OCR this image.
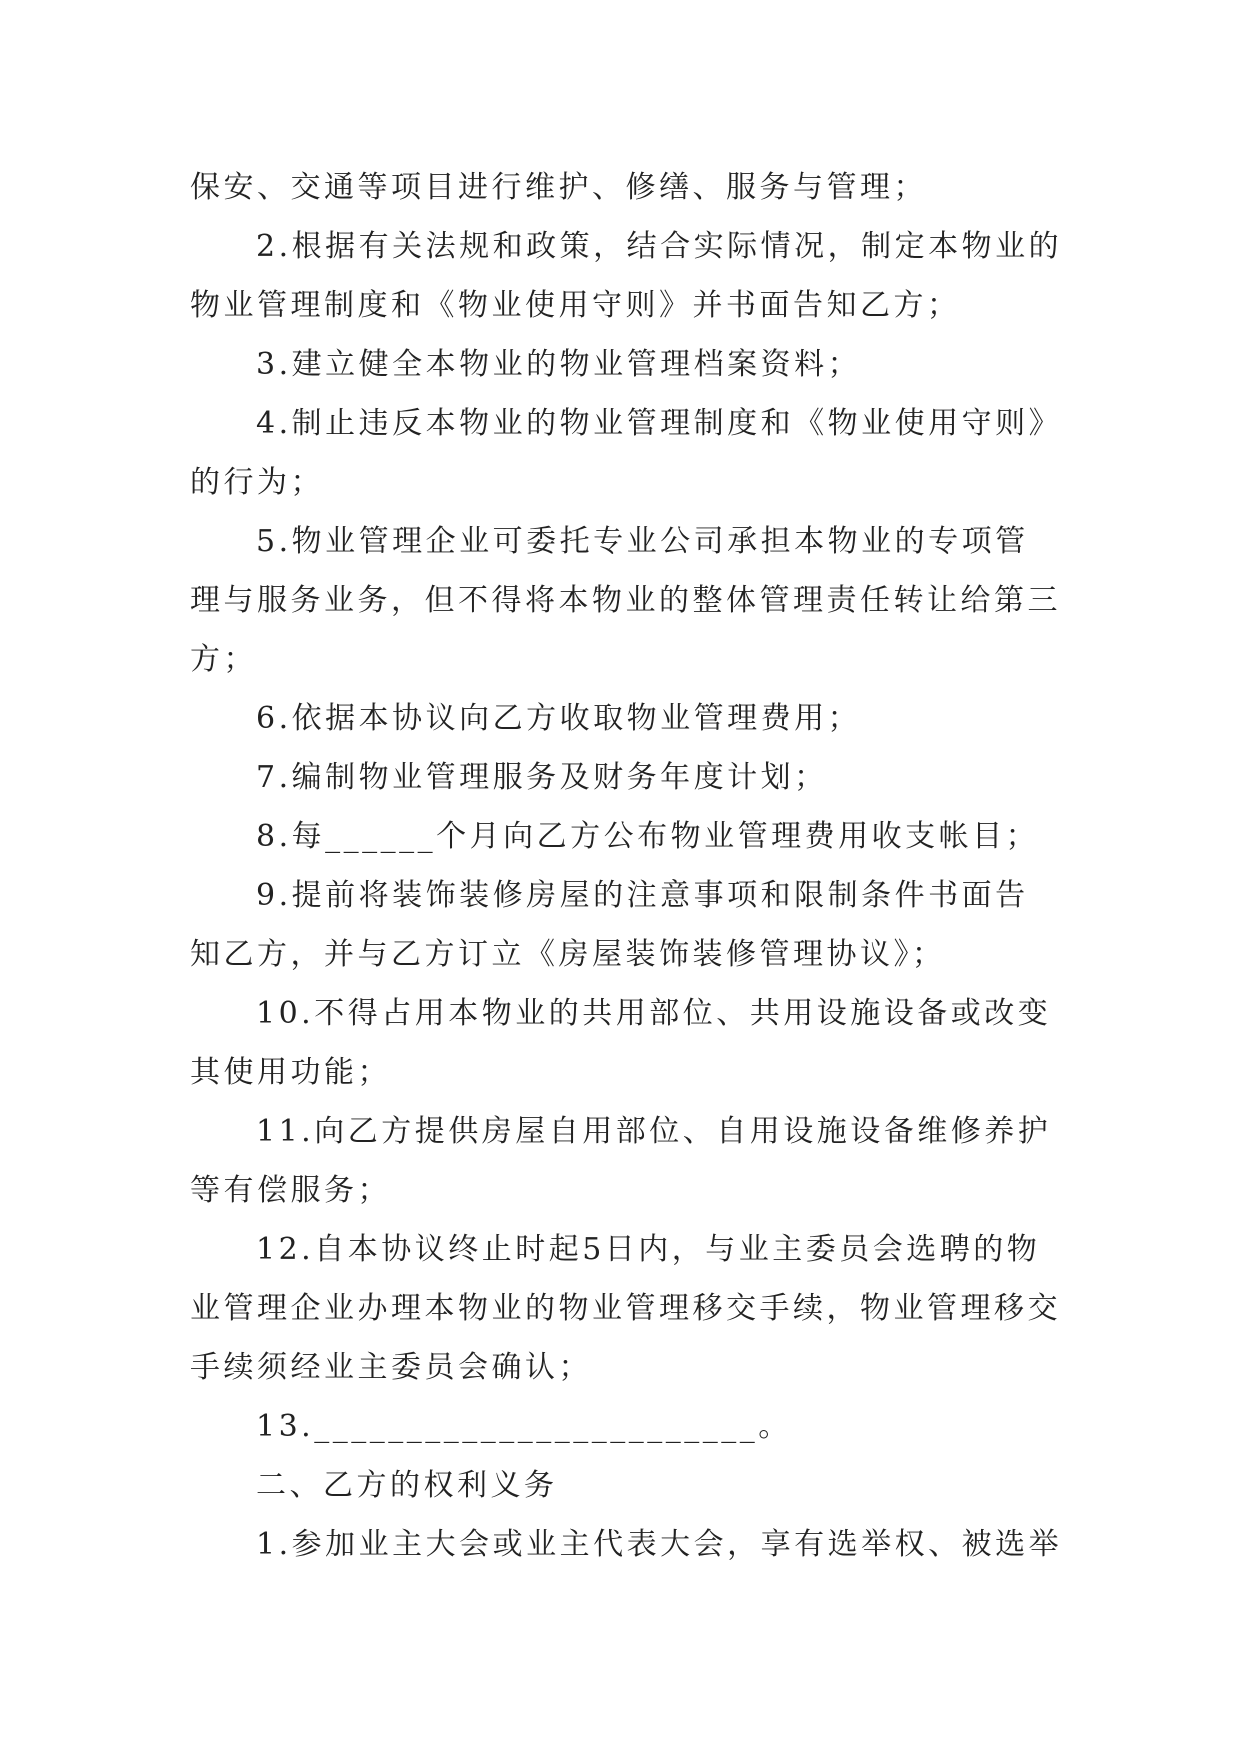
保安、交通等项目进行维护、修缮、服务与管理；
2.根据有关法规和政策，结合实际情况，制定本物业的
物业管理制度和《物业使用守则》并书面告知乙方；
3.建立健全本物业的物业管理档案资料；
4.制止违反本物业的物业管理制度和《物业使用守则》
的行为；
5.物业管理企业可委托专业公司承担本物业的专项管
理与服务业务，但不得将本物业的整体管理责任转让给第三
方；
6.依据本协议向乙方收取物业管理费用；
7.编制物业管理服务及财务年度计划；
8.每______个月向乙方公布物业管理费用收支帐目；
9.提前将装饰装修房屋的注意事项和限制条件书面告
知乙方，并与乙方订立《房屋装饰装修管理协议》；
10.不得占用本物业的共用部位、共用设施设备或改变
其使用功能；
11.向乙方提供房屋自用部位、自用设施设备维修养护
等有偿服务；
12.自本协议终止时起5日内，与业主委员会选聘的物
业管理企业办理本物业的物业管理移交手续，物业管理移交
手续须经业主委员会确认；
13.________________________。
二、乙方的权利义务
1.参加业主大会或业主代表大会，享有选举权、被选举
